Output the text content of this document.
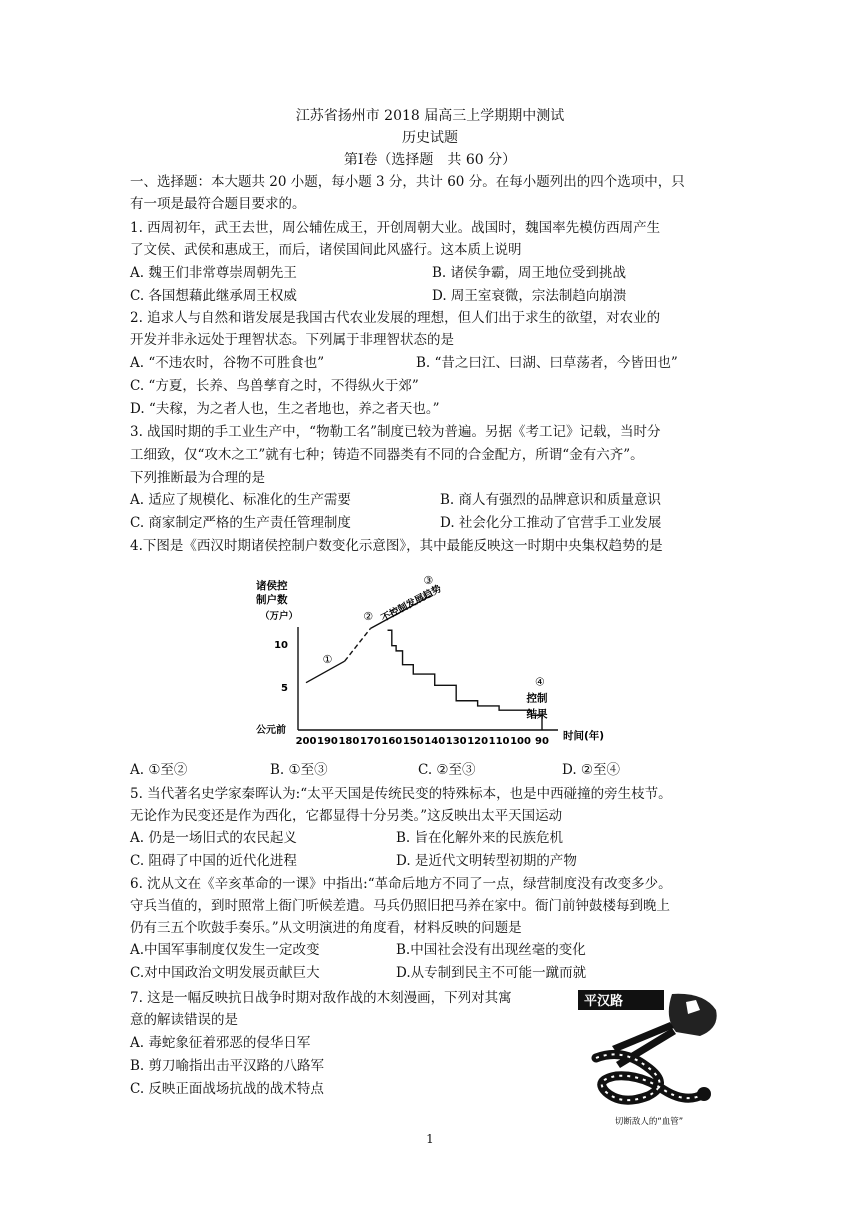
江苏省扬州市 2018 届高三上学期期中测试
历史试题
第Ⅰ卷（选择题　共 60 分）
一、选择题：本大题共 20 小题，每小题 3 分，共计 60 分。在每小题列出的四个选项中，只
有一项是最符合题目要求的。
1. 西周初年，武王去世，周公辅佐成王，开创周朝大业。战国时，魏国率先模仿西周产生
了文侯、武侯和惠成王，而后，诸侯国间此风盛行。这本质上说明
A. 魏王们非常尊崇周朝先王	B. 诸侯争霸，周王地位受到挑战
C. 各国想藉此继承周王权威	D. 周王室衰微，宗法制趋向崩溃
2. 追求人与自然和谐发展是我国古代农业发展的理想，但人们出于求生的欲望，对农业的
开发并非永远处于理智状态。下列属于非理智状态的是
A. “不违农时，谷物不可胜食也”	B. “昔之曰江、曰湖、曰草荡者，今皆田也”
C. “方夏，长养、鸟兽孳育之时，不得纵火于郊”
D. “夫稼，为之者人也，生之者地也，养之者天也。”
3. 战国时期的手工业生产中，“物勒工名”制度已较为普遍。另据《考工记》记载，当时分
工细致，仅“攻木之工”就有七种；铸造不同器类有不同的合金配方，所谓“金有六齐”。
下列推断最为合理的是
A. 适应了规模化、标准化的生产需要	B. 商人有强烈的品牌意识和质量意识
C. 商家制定严格的生产责任管理制度	D. 社会化分工推动了官营手工业发展
4.下图是《西汉时期诸侯控制户数变化示意图》，其中最能反映这一时期中央集权趋势的是
诸侯控
制户数
（万户）
公元前	时间(年)
200 190 180 170 160 150 140 130 120 110 100 90
5
10
不控制发展趋势
①
②
③
④
控制
结果
A. ①至②	B. ①至③	C. ②至③	D. ②至④
5. 当代著名史学家秦晖认为:“太平天国是传统民变的特殊标本，也是中西碰撞的旁生枝节。
无论作为民变还是作为西化，它都显得十分另类。”这反映出太平天国运动
A. 仍是一场旧式的农民起义	B. 旨在化解外来的民族危机
C. 阻碍了中国的近代化进程	D. 是近代文明转型初期的产物
6. 沈从文在《辛亥革命的一课》中指出:“革命后地方不同了一点，绿营制度没有改变多少。
守兵当值的，到时照常上衙门听候差遣。马兵仍照旧把马养在家中。衙门前钟鼓楼每到晚上
仍有三五个吹鼓手奏乐。”从文明演进的角度看，材料反映的问题是
A.中国军事制度仅发生一定改变	B.中国社会没有出现丝毫的变化
C.对中国政治文明发展贡献巨大	D.从专制到民主不可能一蹴而就
7. 这是一幅反映抗日战争时期对敌作战的木刻漫画，下列对其寓
意的解读错误的是
A. 毒蛇象征着邪恶的侵华日军
B. 剪刀喻指出击平汉路的八路军
C. 反映正面战场抗战的战术特点
平汉路
切断敌人的“血管”
1
